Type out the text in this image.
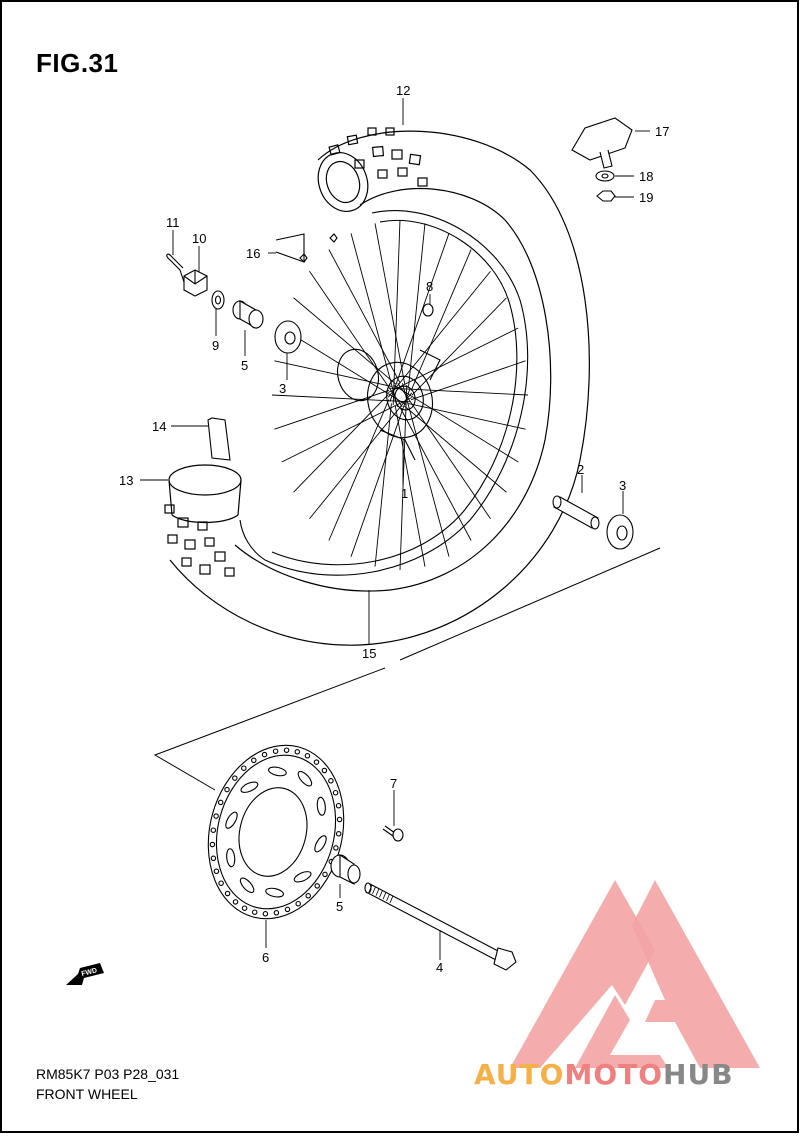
FWD
12
17
18
19
11
10
16
8
9
5
3
14
13
1
2
3
15
7
5
6
4
AUTOMOTOHUB
FIG.31
RM85K7 P03 P28_031
FRONT WHEEL
